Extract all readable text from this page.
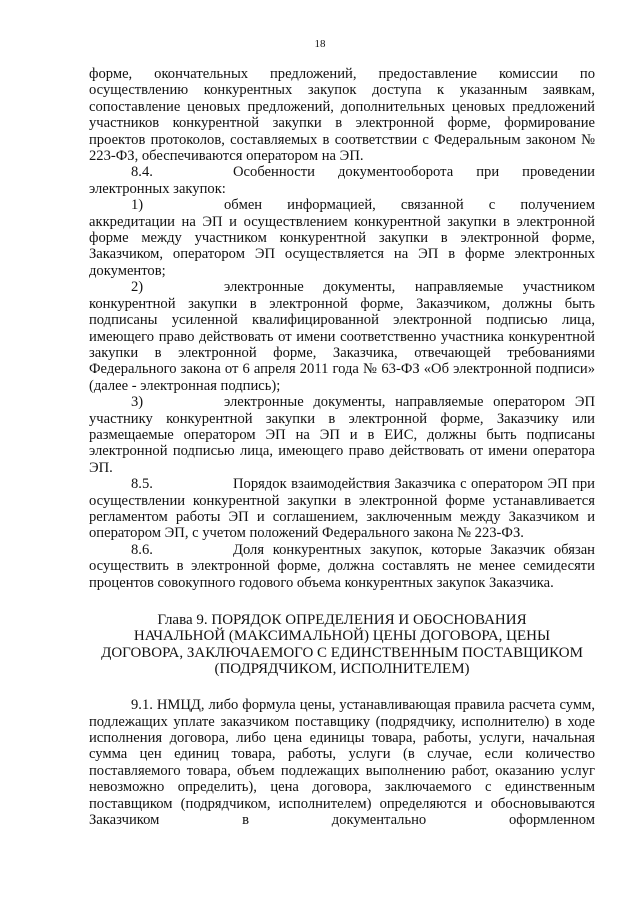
18

форме, окончательных предложений, предоставление комиссии по осуществлению конкурентных закупок доступа к указанным заявкам, сопоставление ценовых предложений, дополнительных ценовых предложений участников конкурентной закупки в электронной форме, формирование проектов протоколов, составляемых в соответствии с Федеральным законом № 223-ФЗ, обеспечиваются оператором на ЭП.

8.4.	Особенности документооборота при проведении электронных закупок:

1)	обмен информацией, связанной с получением аккредитации на ЭП и осуществлением конкурентной закупки в электронной форме между участником конкурентной закупки в электронной форме, Заказчиком, оператором ЭП осуществляется на ЭП в форме электронных документов;

2)	электронные документы, направляемые участником конкурентной закупки в электронной форме, Заказчиком, должны быть подписаны усиленной квалифицированной электронной подписью лица, имеющего право действовать от имени соответственно участника конкурентной закупки в электронной форме, Заказчика, отвечающей требованиями Федерального закона от 6 апреля 2011 года № 63-ФЗ «Об электронной подписи» (далее - электронная подпись);

3)	электронные документы, направляемые оператором ЭП участнику конкурентной закупки в электронной форме, Заказчику или размещаемые оператором ЭП на ЭП и в ЕИС, должны быть подписаны электронной подписью лица, имеющего право действовать от имени оператора ЭП.

8.5.	Порядок взаимодействия Заказчика с оператором ЭП при осуществлении конкурентной закупки в электронной форме устанавливается регламентом работы ЭП и соглашением, заключенным между Заказчиком и оператором ЭП, с учетом положений Федерального закона № 223-ФЗ.

8.6.	Доля конкурентных закупок, которые Заказчик обязан осуществить в электронной форме, должна составлять не менее семидесяти процентов совокупного годового объема конкурентных закупок Заказчика.

Глава 9. ПОРЯДОК ОПРЕДЕЛЕНИЯ И ОБОСНОВАНИЯ
НАЧАЛЬНОЙ (МАКСИМАЛЬНОЙ) ЦЕНЫ ДОГОВОРА, ЦЕНЫ
ДОГОВОРА, ЗАКЛЮЧАЕМОГО С ЕДИНСТВЕННЫМ ПОСТАВЩИКОМ
(ПОДРЯДЧИКОМ, ИСПОЛНИТЕЛЕМ)

9.1. НМЦД, либо формула цены, устанавливающая правила расчета сумм, подлежащих уплате заказчиком поставщику (подрядчику, исполнителю) в ходе исполнения договора, либо цена единицы товара, работы, услуги, начальная сумма цен единиц товара, работы, услуги (в случае, если количество поставляемого товара, объем подлежащих выполнению работ, оказанию услуг невозможно определить), цена договора, заключаемого с единственным поставщиком (подрядчиком, исполнителем) определяются и обосновываются Заказчиком в документально оформленном
